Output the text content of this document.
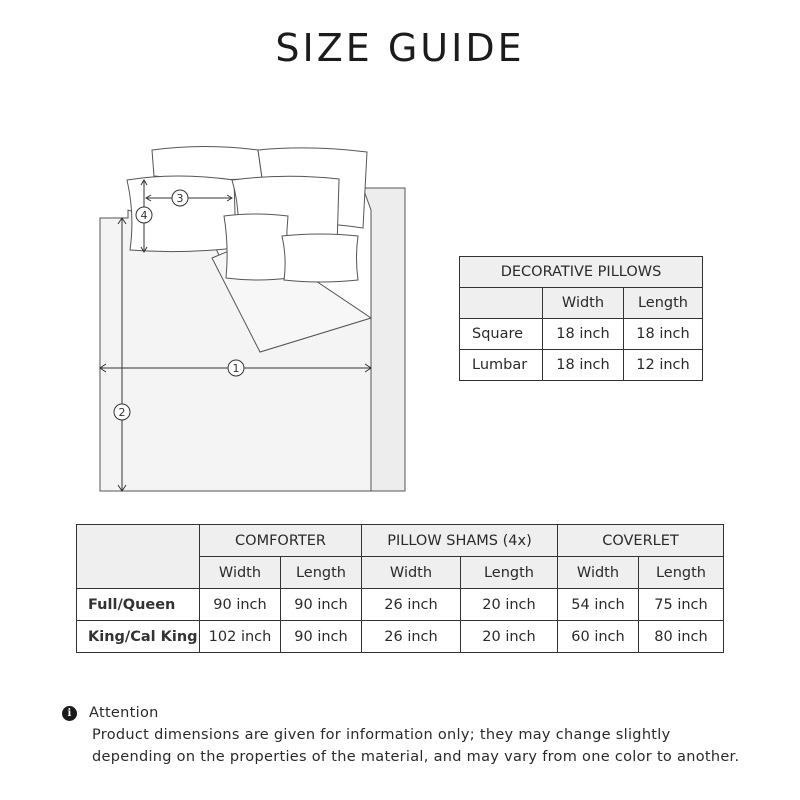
SIZE GUIDE
1
2
3
4
DECORATIVE PILLOWS		
	Width	Length
Square	18 inch	18 inch
Lumbar	18 inch	12 inch
	COMFORTER		PILLOW SHAMS (4x)		COVERLET	
	Width	Length	Width	Length	Width	Length
Full/Queen	90 inch	90 inch	26 inch	20 inch	54 inch	75 inch
King/Cal King	102 inch	90 inch	26 inch	20 inch	60 inch	80 inch
i Attention
Product dimensions are given for information only; they may change slightly
depending on the properties of the material, and may vary from one color to another.
